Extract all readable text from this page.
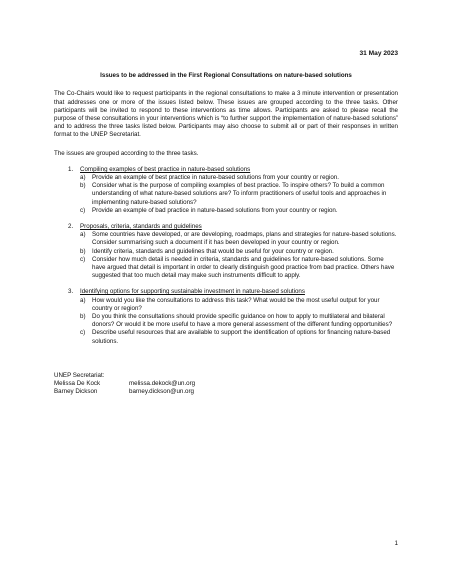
31 May 2023
Issues to be addressed in the First Regional Consultations on nature-based solutions

The Co-Chairs would like to request participants in the regional consultations to make a 3 minute intervention or presentation that addresses one or more of the issues listed below. These issues are grouped according to the three tasks. Other participants will be invited to respond to these interventions as time allows. Participants are asked to please recall the purpose of these consultations in your interventions which is “to further support the implementation of nature-based solutions” and to address the three tasks listed below. Participants may also choose to submit all or part of their responses in written format to the UNEP Secretariat.

The issues are grouped according to the three tasks.

1.	Compiling examples of best practice in nature-based solutions
a)	Provide an example of best practice in nature-based solutions from your country or region.
b)	Consider what is the purpose of compiling examples of best practice. To inspire others? To build a common understanding of what nature-based solutions are? To inform practitioners of useful tools and approaches in implementing nature-based solutions?
c)	Provide an example of bad practice in nature-based solutions from your country or region.
2.	Proposals, criteria, standards and guidelines
a)	Some countries have developed, or are developing, roadmaps, plans and strategies for nature-based solutions. Consider summarising such a document if it has been developed in your country or region.
b)	Identify criteria, standards and guidelines that would be useful for your country or region.
c)	Consider how much detail is needed in criteria, standards and guidelines for nature-based solutions. Some have argued that detail is important in order to clearly distinguish good practice from bad practice. Others have suggested that too much detail may make such instruments difficult to apply.
3.	Identifying options for supporting sustainable investment in nature-based solutions
a)	How would you like the consultations to address this task? What would be the most useful output for your country or region?
b)	Do you think the consultations should provide specific guidance on how to apply to multilateral and bilateral donors? Or would it be more useful to have a more general assessment of the different funding opportunities?
c)	Describe useful resources that are available to support the identification of options for financing nature-based solutions.
UNEP Secretariat:
Melissa De Kock	melissa.dekock@un.org
Barney Dickson	barney.dickson@un.org
1
